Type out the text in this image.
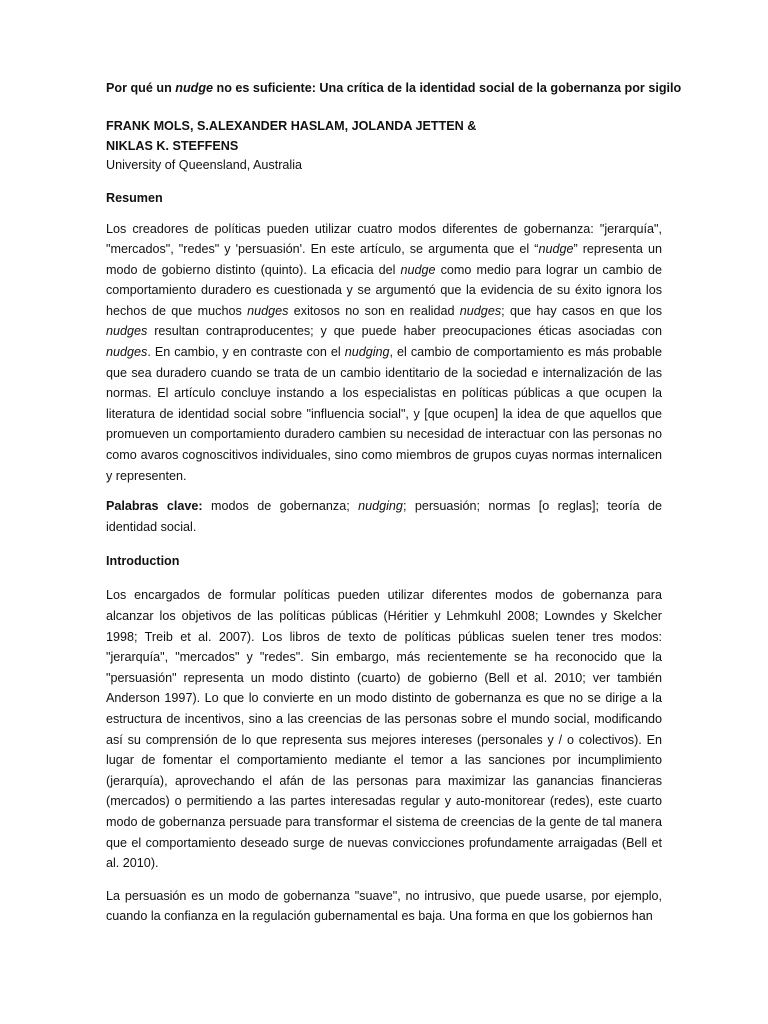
Por qué un nudge no es suficiente: Una crítica de la identidad social de la gobernanza por sigilo
FRANK MOLS, S.ALEXANDER HASLAM, JOLANDA JETTEN &
NIKLAS K. STEFFENS
University of Queensland, Australia
Resumen

Los creadores de políticas pueden utilizar cuatro modos diferentes de gobernanza: "jerarquía", "mercados", "redes" y 'persuasión'. En este artículo, se argumenta que el “nudge” representa un modo de gobierno distinto (quinto). La eficacia del nudge como medio para lograr un cambio de comportamiento duradero es cuestionada y se argumentó que la evidencia de su éxito ignora los hechos de que muchos nudges exitosos no son en realidad nudges; que hay casos en que los nudges resultan contraproducentes; y que puede haber preocupaciones éticas asociadas con nudges. En cambio, y en contraste con el nudging, el cambio de comportamiento es más probable que sea duradero cuando se trata de un cambio identitario de la sociedad e internalización de las normas. El artículo concluye instando a los especialistas en políticas públicas a que ocupen la literatura de identidad social sobre "influencia social", y [que ocupen] la idea de que aquellos que promueven un comportamiento duradero cambien su necesidad de interactuar con las personas no como avaros cognoscitivos individuales, sino como miembros de grupos cuyas normas internalicen y representen.

Palabras clave: modos de gobernanza; nudging; persuasión; normas [o reglas]; teoría de identidad social.

Introduction

Los encargados de formular políticas pueden utilizar diferentes modos de gobernanza para alcanzar los objetivos de las políticas públicas (Héritier y Lehmkuhl 2008; Lowndes y Skelcher 1998; Treib et al. 2007). Los libros de texto de políticas públicas suelen tener tres modos: "jerarquía", "mercados" y "redes". Sin embargo, más recientemente se ha reconocido que la "persuasión" representa un modo distinto (cuarto) de gobierno (Bell et al. 2010; ver también Anderson 1997). Lo que lo convierte en un modo distinto de gobernanza es que no se dirige a la estructura de incentivos, sino a las creencias de las personas sobre el mundo social, modificando así su comprensión de lo que representa sus mejores intereses (personales y / o colectivos). En lugar de fomentar el comportamiento mediante el temor a las sanciones por incumplimiento (jerarquía), aprovechando el afán de las personas para maximizar las ganancias financieras (mercados) o permitiendo a las partes interesadas regular y auto-monitorear (redes), este cuarto modo de gobernanza persuade para transformar el sistema de creencias de la gente de tal manera que el comportamiento deseado surge de nuevas convicciones profundamente arraigadas (Bell et al. 2010).

La persuasión es un modo de gobernanza "suave", no intrusivo, que puede usarse, por ejemplo, cuando la confianza en la regulación gubernamental es baja. Una forma en que los gobiernos han
